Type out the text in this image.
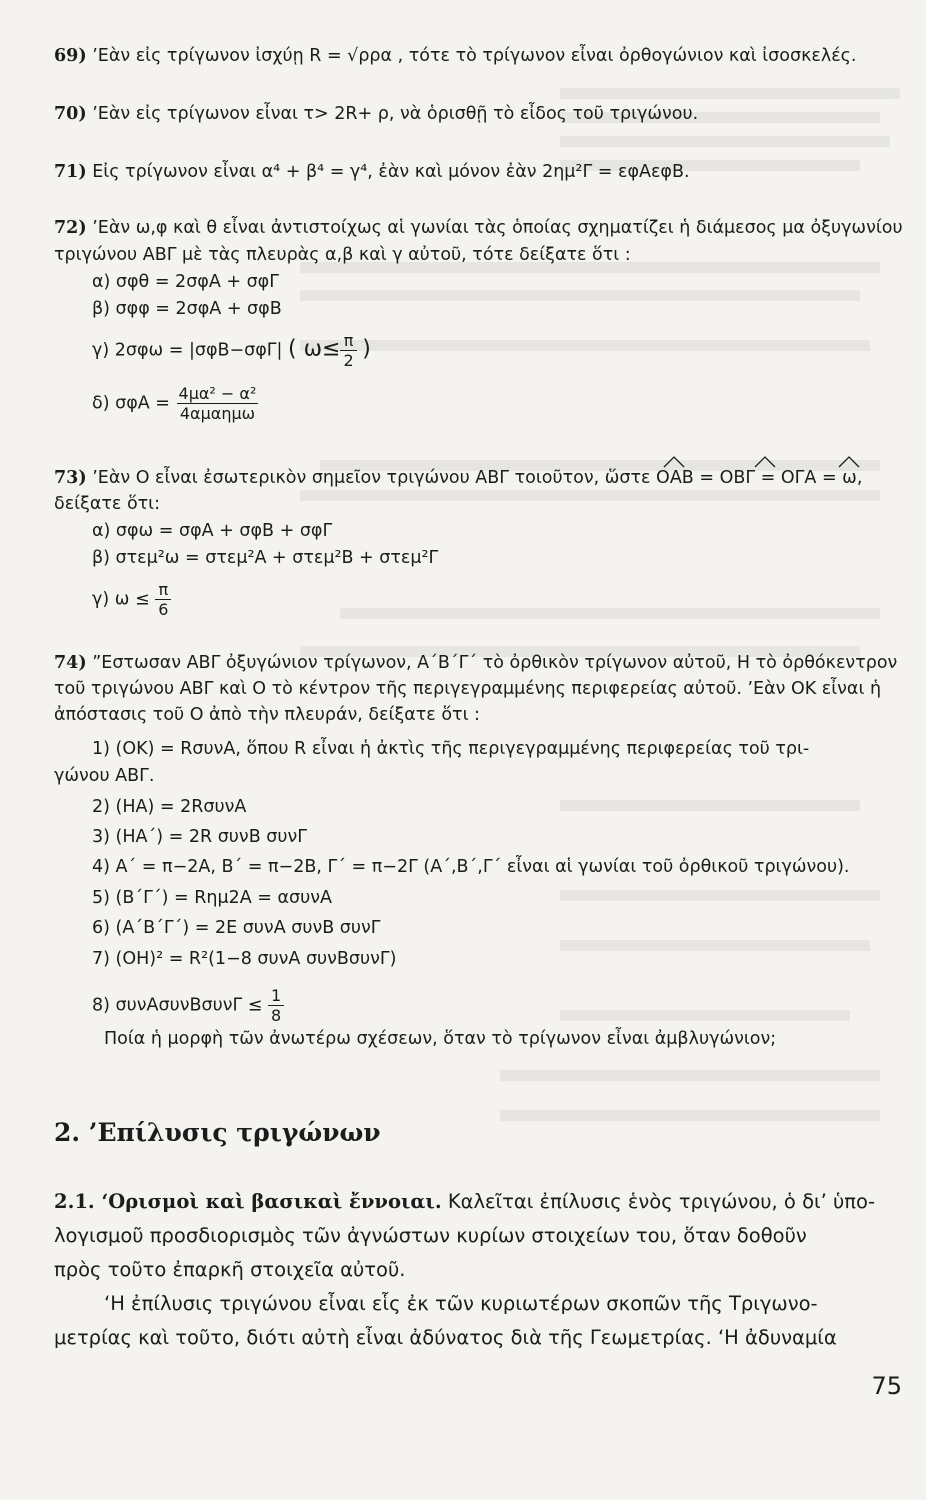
69) ’Εὰν εἰς τρίγωνον ἰσχύῃ R = √ρρα , τότε τὸ τρίγωνον εἶναι ὀρθογώνιον καὶ ἰσοσκελές.
70) ’Εὰν εἰς τρίγωνον εἶναι τ> 2R+ ρ, νὰ ὁρισθῇ τὸ εἶδος τοῦ τριγώνου.
71) Εἰς τρίγωνον εἶναι α⁴ + β⁴ = γ⁴, ἐὰν καὶ μόνον ἐὰν 2ημ²Γ = εφΑεφΒ.
72) ’Εὰν ω,φ καὶ θ εἶναι ἀντιστοίχως αἱ γωνίαι τὰς ὁποίας σχηματίζει ἡ διάμεσος μα ὀξυγωνίου
τριγώνου ΑΒΓ μὲ τὰς πλευρὰς α,β καὶ γ αὐτοῦ, τότε δείξατε ὅτι :
α) σφθ = 2σφΑ + σφΓ
β) σφφ = 2σφΑ + σφΒ
γ) 2σφω = |σφΒ−σφΓ| ( $\omega\le \frac{\pi}{2}$ )
δ) $\sigma\varphi A = \frac{\text{4μα² − α²}}{\text{4αμαημω}}$
73) ’Εὰν Ο εἶναι ἐσωτερικὸν σημεῖον τριγώνου ΑΒΓ τοιοῦτον, ὥστε ΟΑΒ = ΟΒΓ = ΟΓΑ = ω,
δείξατε ὅτι:
α) σφω = σφΑ + σφΒ + σφΓ
β) στεμ²ω = στεμ²Α + στεμ²Β + στεμ²Γ
γ) $\omega \le \frac{\pi}{6}$
74) ”Εστωσαν ΑΒΓ ὀξυγώνιον τρίγωνον, Α΄Β΄Γ΄ τὸ ὀρθικὸν τρίγωνον αὐτοῦ, Η τὸ ὀρθόκεντρον
τοῦ τριγώνου ΑΒΓ καὶ Ο τὸ κέντρον τῆς περιγεγραμμένης περιφερείας αὐτοῦ. ’Εὰν ΟΚ εἶναι ἡ
ἀπόστασις τοῦ Ο ἀπὸ τὴν πλευράν, δείξατε ὅτι :
1) (ΟΚ) = RσυνΑ, ὅπου R εἶναι ἡ ἀκτὶς τῆς περιγεγραμμένης περιφερείας τοῦ τρι-
γώνου ΑΒΓ.
2) (ΗΑ) = 2RσυνΑ
3) (ΗΑ΄) = 2R συνΒ συνΓ
4) Α΄ = π−2Α, Β΄ = π−2Β, Γ΄ = π−2Γ (Α΄,Β΄,Γ΄ εἶναι αἱ γωνίαι τοῦ ὀρθικοῦ τριγώνου).
5) (Β΄Γ΄) = Rημ2Α = ασυνΑ
6) (Α΄Β΄Γ΄) = 2Ε συνΑ συνΒ συνΓ
7) (ΟΗ)² = R²(1−8 συνΑ συνΒσυνΓ)
8) $\sigma\upsilon\nu A\sigma\upsilon\nu B\sigma\upsilon\nu\Gamma \le \frac{1}{8}$
Ποία ἡ μορφὴ τῶν ἀνωτέρω σχέσεων, ὅταν τὸ τρίγωνον εἶναι ἀμβλυγώνιον;
2. ’Επίλυσις τριγώνων
2.1. ‘Ορισμοὶ καὶ βασικαὶ ἔννοιαι. Καλεῖται ἐπίλυσις ἑνὸς τριγώνου, ὁ δι’ ὑπο-
λογισμοῦ προσδιορισμὸς τῶν ἀγνώστων κυρίων στοιχείων του, ὅταν δοθοῦν
πρὸς τοῦτο ἐπαρκῆ στοιχεῖα αὐτοῦ.
‘Η ἐπίλυσις τριγώνου εἶναι εἷς ἐκ τῶν κυριωτέρων σκοπῶν τῆς Τριγωνο-
μετρίας καὶ τοῦτο, διότι αὐτὴ εἶναι ἀδύνατος διὰ τῆς Γεωμετρίας. ‘Η ἀδυναμία
75
